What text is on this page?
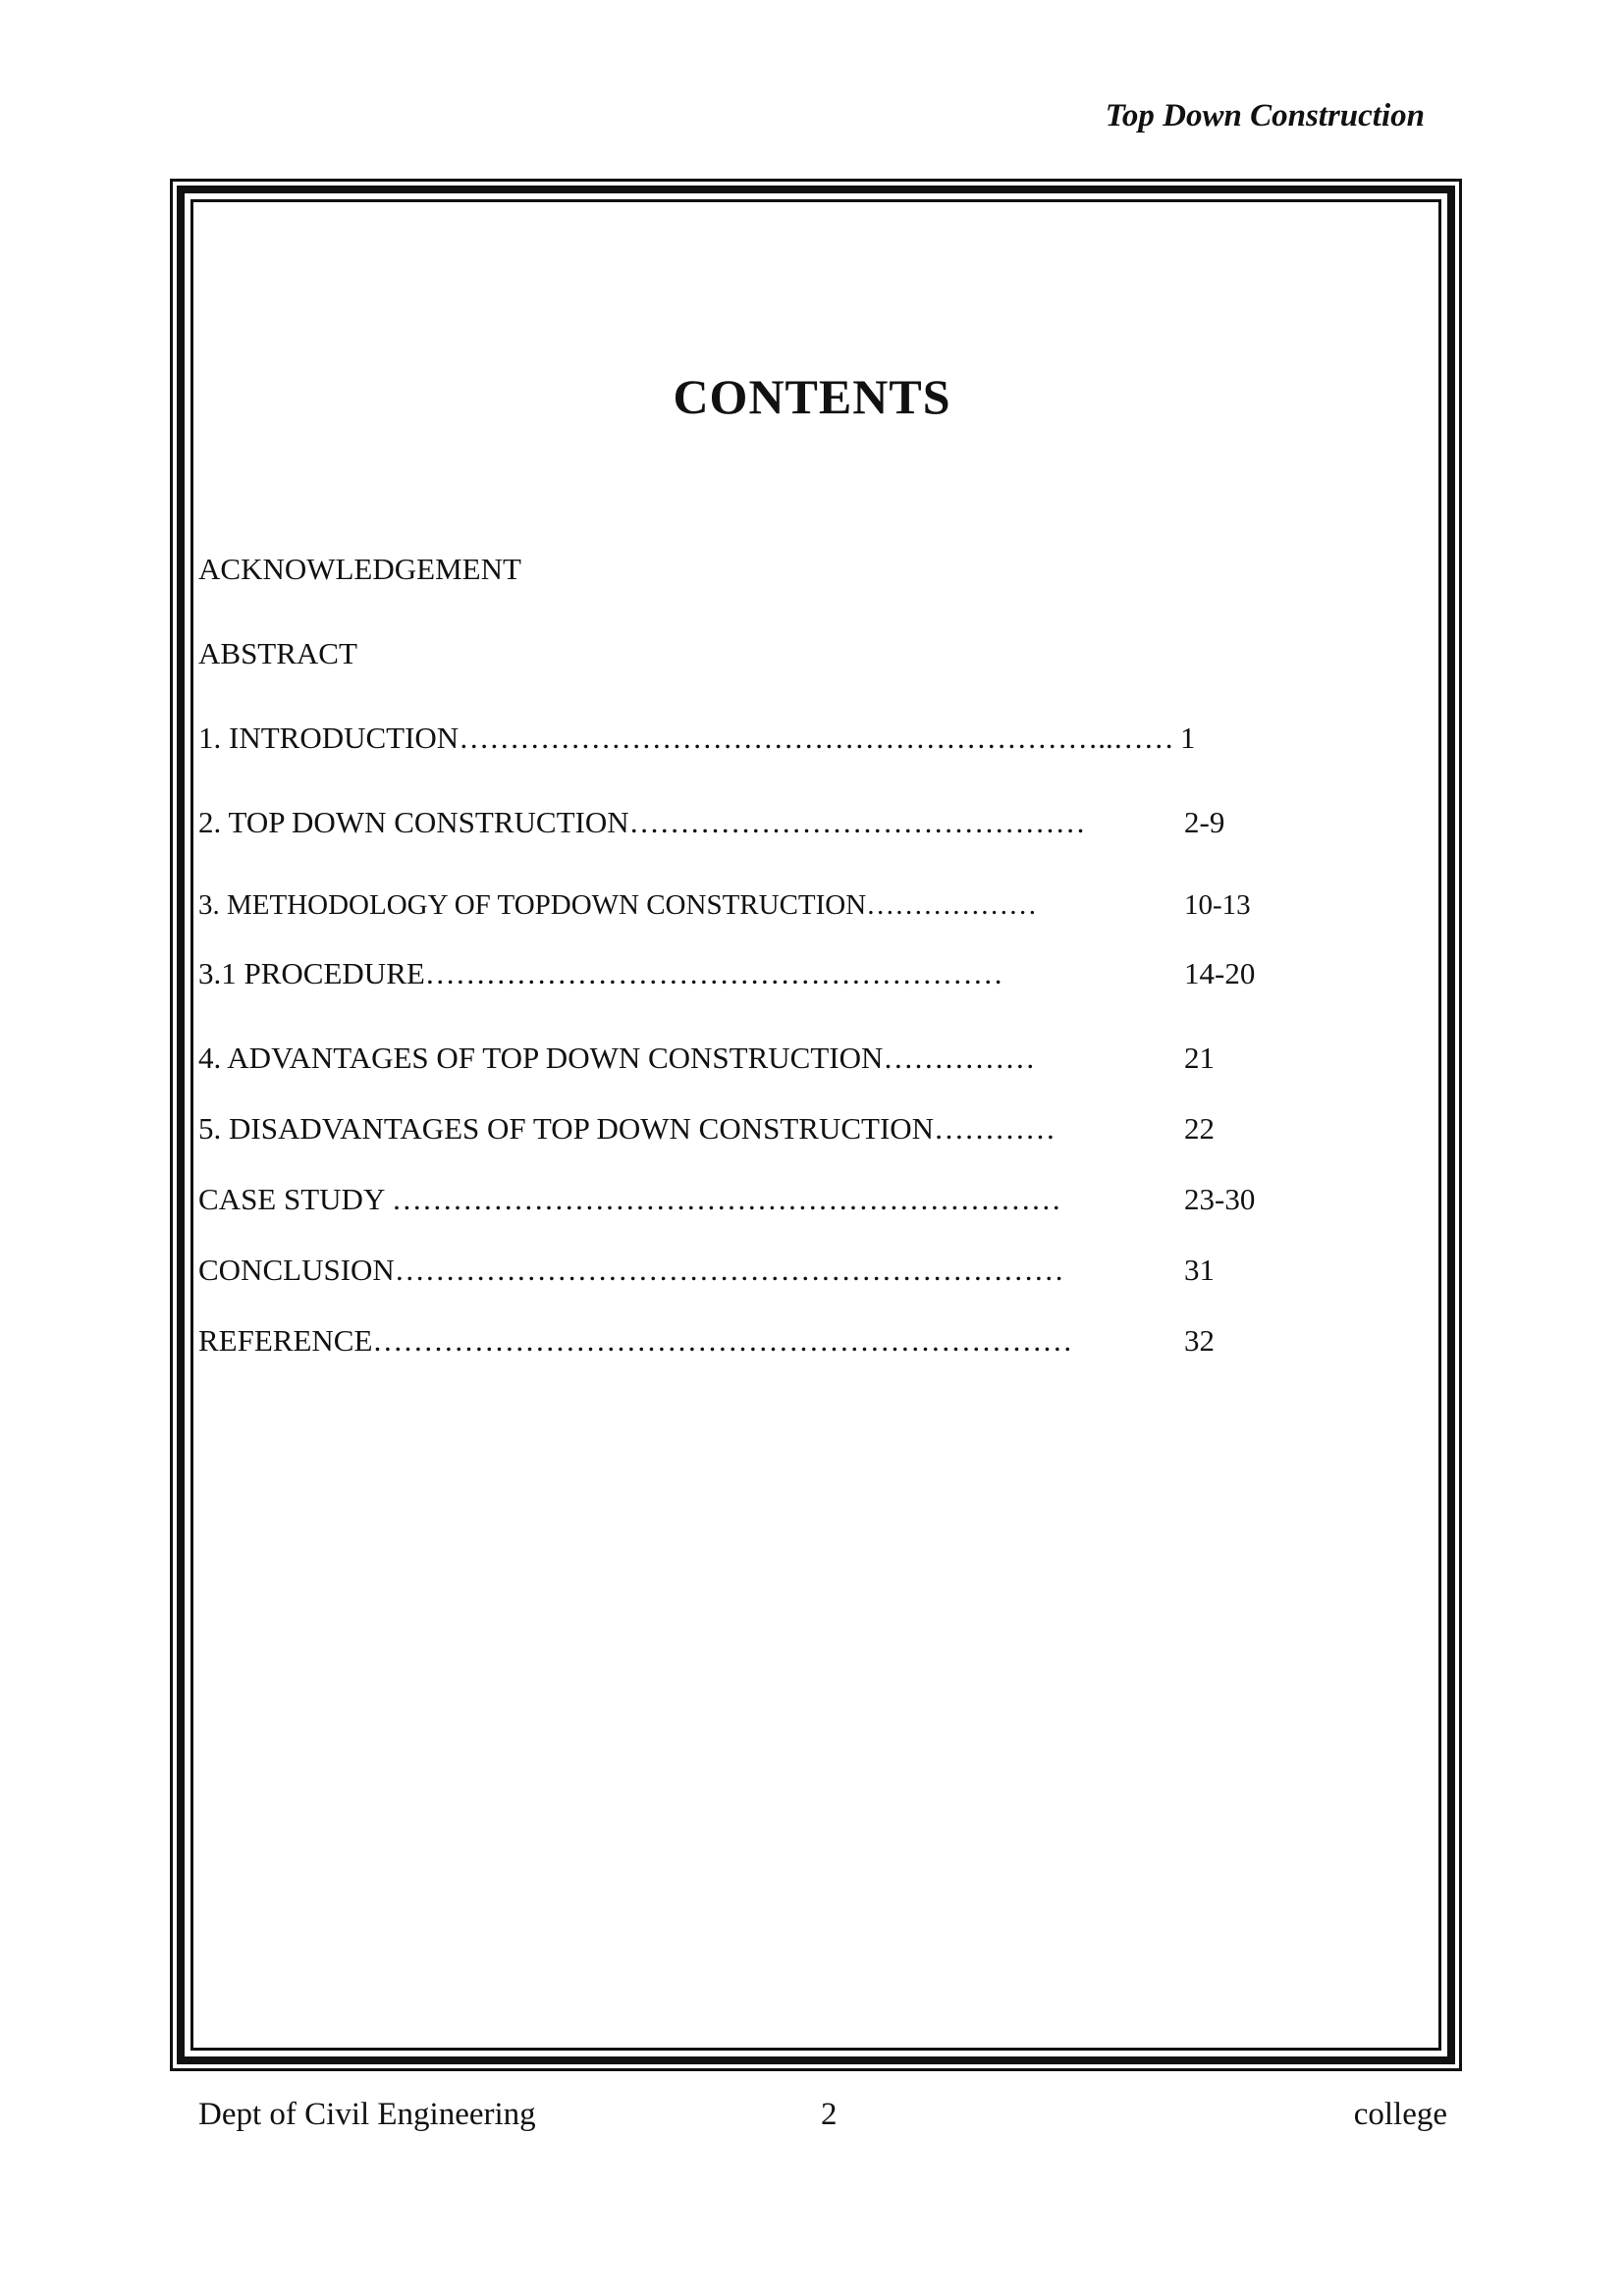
Top Down Construction
CONTENTS
ACKNOWLEDGEMENT
ABSTRACT
1. INTRODUCTION………………………………………………………..…… 1
2. TOP DOWN CONSTRUCTION………………………………………	2-9
3. METHODOLOGY OF TOPDOWN CONSTRUCTION………………	10-13
3.1 PROCEDURE…………………………………………………	14-20
4. ADVANTAGES OF TOP DOWN CONSTRUCTION……………	21
5. DISADVANTAGES OF TOP DOWN CONSTRUCTION…………	22
CASE STUDY …………………………………………………………	23-30
CONCLUSION…………………………………………………………	31
REFERENCE……………………………………………………………	32
Dept of Civil Engineering	2	college
